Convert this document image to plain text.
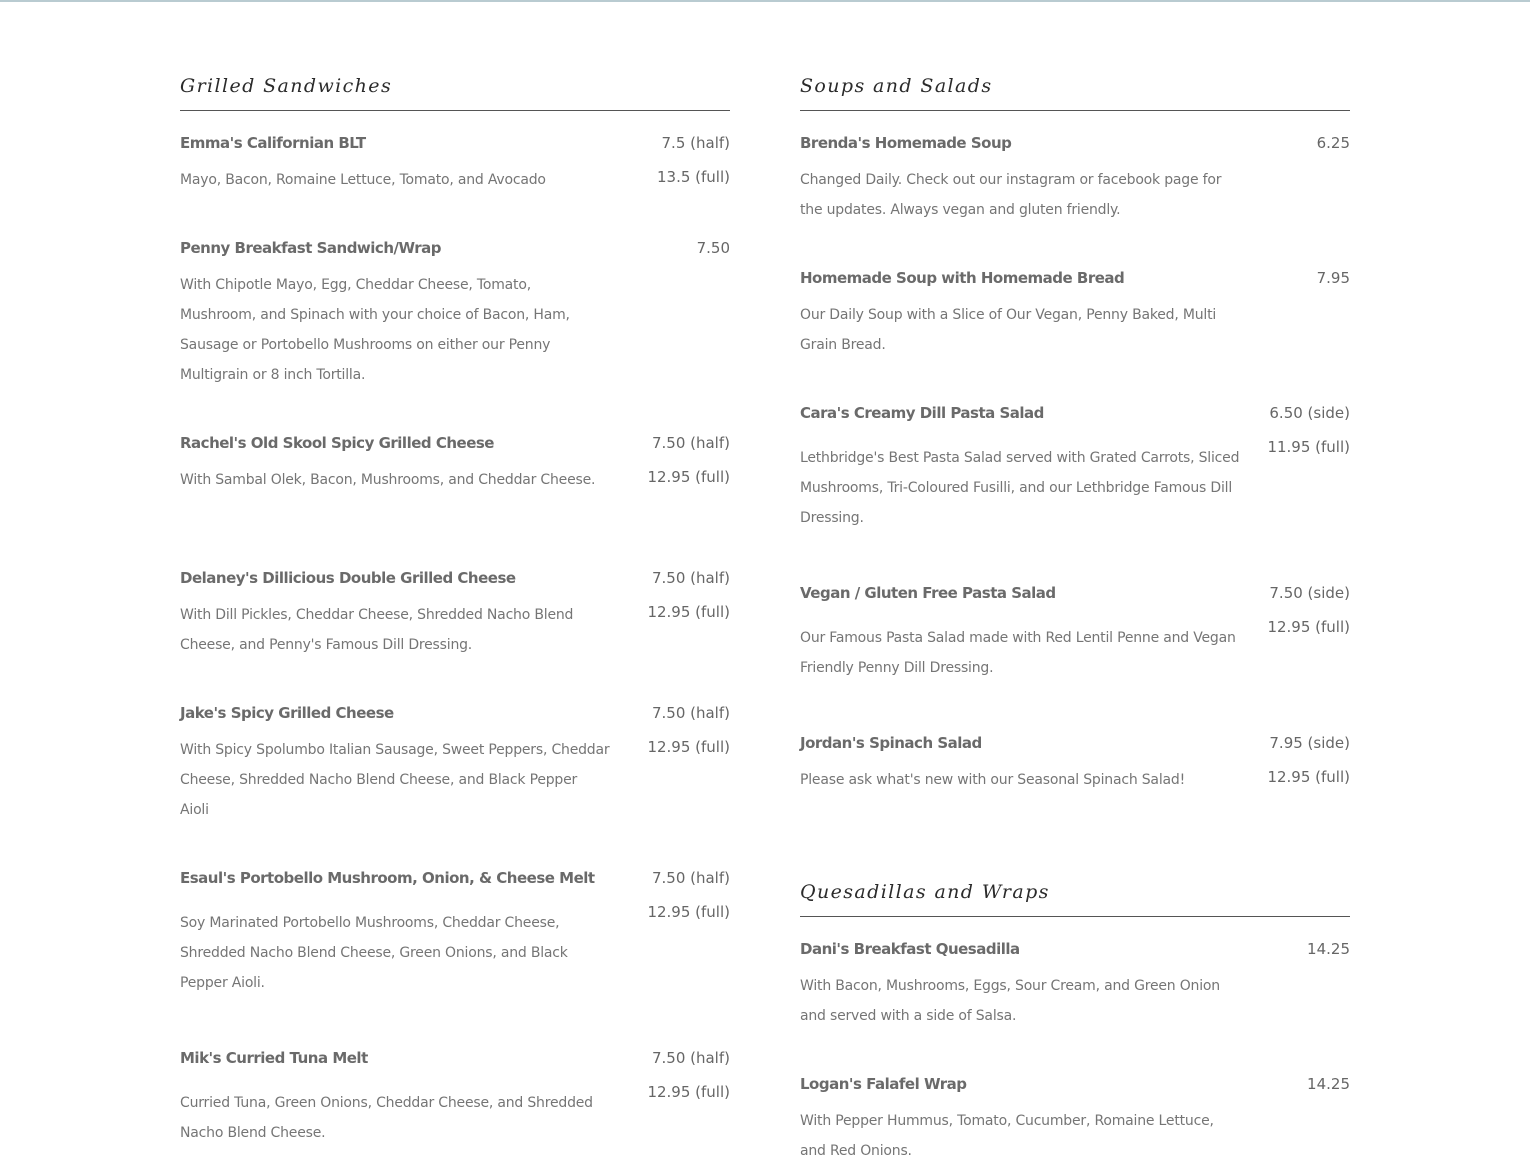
Grilled Sandwiches
Emma's Californian BLT
Mayo, Bacon, Romaine Lettuce, Tomato, and Avocado
7.5 (half)
13.5 (full)
Penny Breakfast Sandwich/Wrap
With Chipotle Mayo, Egg, Cheddar Cheese, Tomato, Mushroom, and Spinach with your choice of Bacon, Ham, Sausage or Portobello Mushrooms on either our Penny Multigrain or 8 inch Tortilla.
7.50
Rachel's Old Skool Spicy Grilled Cheese
With Sambal Olek, Bacon, Mushrooms, and Cheddar Cheese.
7.50 (half)
12.95 (full)
Delaney's Dillicious Double Grilled Cheese
With Dill Pickles, Cheddar Cheese, Shredded Nacho Blend Cheese, and Penny's Famous Dill Dressing.
7.50 (half)
12.95 (full)
Jake's Spicy Grilled Cheese
With Spicy Spolumbo Italian Sausage, Sweet Peppers, Cheddar Cheese, Shredded Nacho Blend Cheese, and Black Pepper Aioli
7.50 (half)
12.95 (full)
Esaul's Portobello Mushroom, Onion, & Cheese Melt
Soy Marinated Portobello Mushrooms, Cheddar Cheese, Shredded Nacho Blend Cheese, Green Onions, and Black Pepper Aioli.
7.50 (half)
12.95 (full)
Mik's Curried Tuna Melt
Curried Tuna, Green Onions, Cheddar Cheese, and Shredded Nacho Blend Cheese.
7.50 (half)
12.95 (full)
Soups and Salads
Brenda's Homemade Soup
Changed Daily. Check out our instagram or facebook page for the updates. Always vegan and gluten friendly.
6.25
Homemade Soup with Homemade Bread
Our Daily Soup with a Slice of Our Vegan, Penny Baked, Multi Grain Bread.
7.95
Cara's Creamy Dill Pasta Salad
Lethbridge's Best Pasta Salad served with Grated Carrots, Sliced Mushrooms, Tri-Coloured Fusilli, and our Lethbridge Famous Dill Dressing.
6.50 (side)
11.95 (full)
Vegan / Gluten Free Pasta Salad
Our Famous Pasta Salad made with Red Lentil Penne and Vegan Friendly Penny Dill Dressing.
7.50 (side)
12.95 (full)
Jordan's Spinach Salad
Please ask what's new with our Seasonal Spinach Salad!
7.95 (side)
12.95 (full)
Quesadillas and Wraps
Dani's Breakfast Quesadilla
With Bacon, Mushrooms, Eggs, Sour Cream, and Green Onion and served with a side of Salsa.
14.25
Logan's Falafel Wrap
With Pepper Hummus, Tomato, Cucumber, Romaine Lettuce, and Red Onions.
14.25
